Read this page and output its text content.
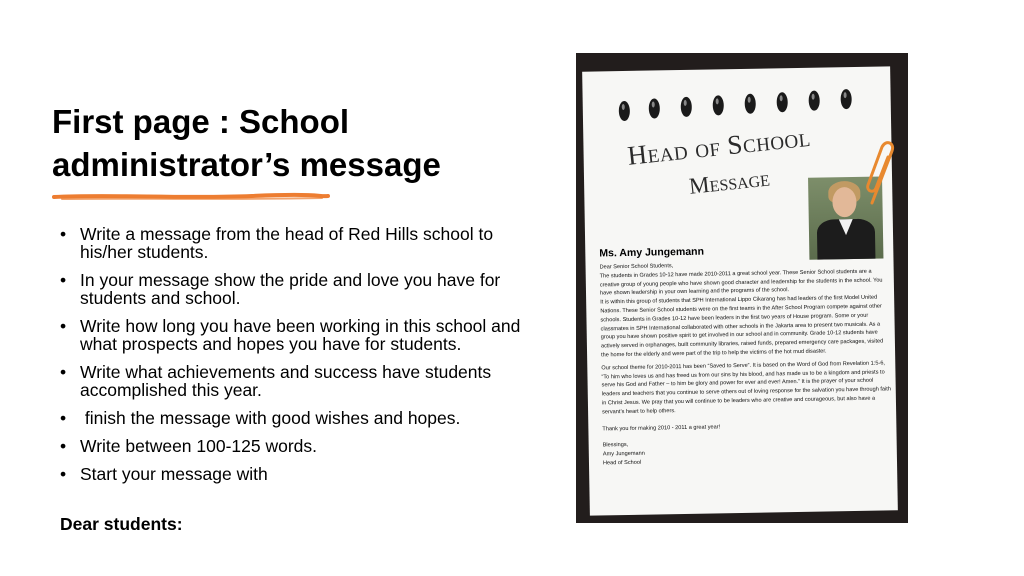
First page : School
administrator’s message
• Write a message from the head of Red Hills school to his/her students.
• In your message show the pride and love you have for students and school.
• Write how long you have been working in this school and what prospects and hopes you have for students.
• Write what achievements and success have students accomplished this year.
• finish the message with good wishes and hopes.
• Write between 100-125 words.
• Start your message with
Dear students:
Head of School
Message
Ms. Amy Jungemann

Dear Senior School Students,

The students in Grades 10-12 have made 2010-2011 a great school year. These Senior School students are a creative group of young people who have shown good character and leadership for the students in the school. You have shown leadership in your own learning and the programs of the school.

It is within this group of students that SPH International Lippo Cikarang has had leaders of the first Model United Nations. These Senior School students were on the first teams in the After School Program compete against other schools. Students in Grades 10-12 have been leaders in the first two years of House program. Some or your classmates in SPH International collaborated with other schools in the Jakarta area to present two musicals. As a group you have shown positive spirit to get involved in our school and in community. Grade 10-12 students have actively served in orphanages, built community libraries, raised funds, prepared emergency care packages, visited the home for the elderly and were part of the trip to help the victims of the hot mud disaster.

Our school theme for 2010-2011 has been “Saved to Serve”. It is based on the Word of God from Revelation 1:5-6, “To him who loves us and has freed us from our sins by his blood, and has made us to be a kingdom and priests to serve his God and Father – to him be glory and power for ever and ever! Amen.” It is the prayer of your school leaders and teachers that you continue to serve others out of loving response for the salvation you have through faith in Christ Jesus. We pray that you will continue to be leaders who are creative and courageous, but also have a servant’s heart to help others.

Thank you for making 2010 - 2011 a great year!

Blessings,

Amy Jungemann

Head of School
